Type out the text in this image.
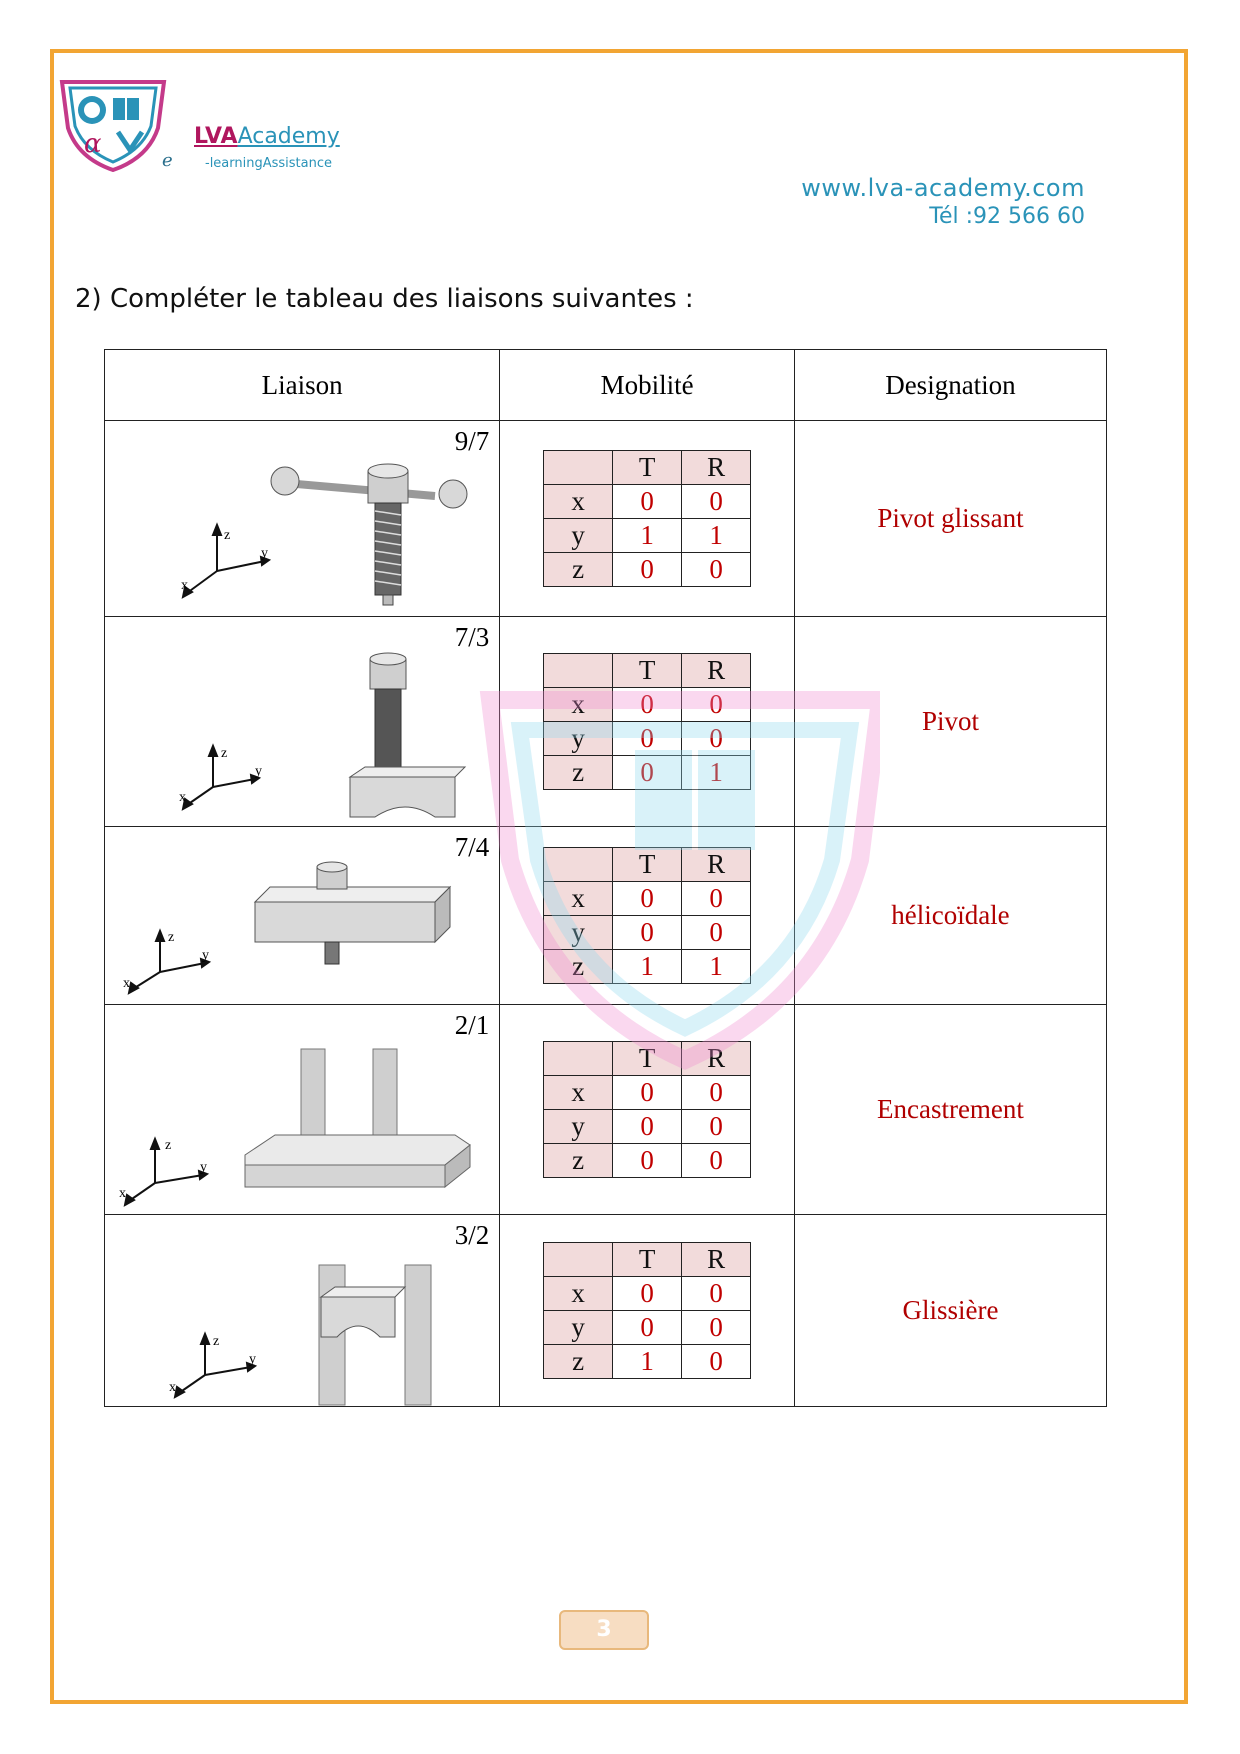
α	LVAAcademy
e -learningAssistance
www.lva-academy.com
Tél :92 566 60
2) Compléter le tableau des liaisons suivantes :
Liaison	Mobilité	Designation

9/7
z
y
x

	T	R
x	0	0
y	1	1
z	0	0
	Pivot glissant

7/3
z
y
x

	T	R
x	0	0
y	0	0
z	0	1
	Pivot

7/4
z
y
x

	T	R
x	0	0
y	0	0
z	1	1
	hélicoïdale

2/1
z
y
x

	T	R
x	0	0
y	0	0
z	0	0
	Encastrement

3/2
z
y
x

	T	R
x	0	0
y	0	0
z	1	0
	Glissière
3
